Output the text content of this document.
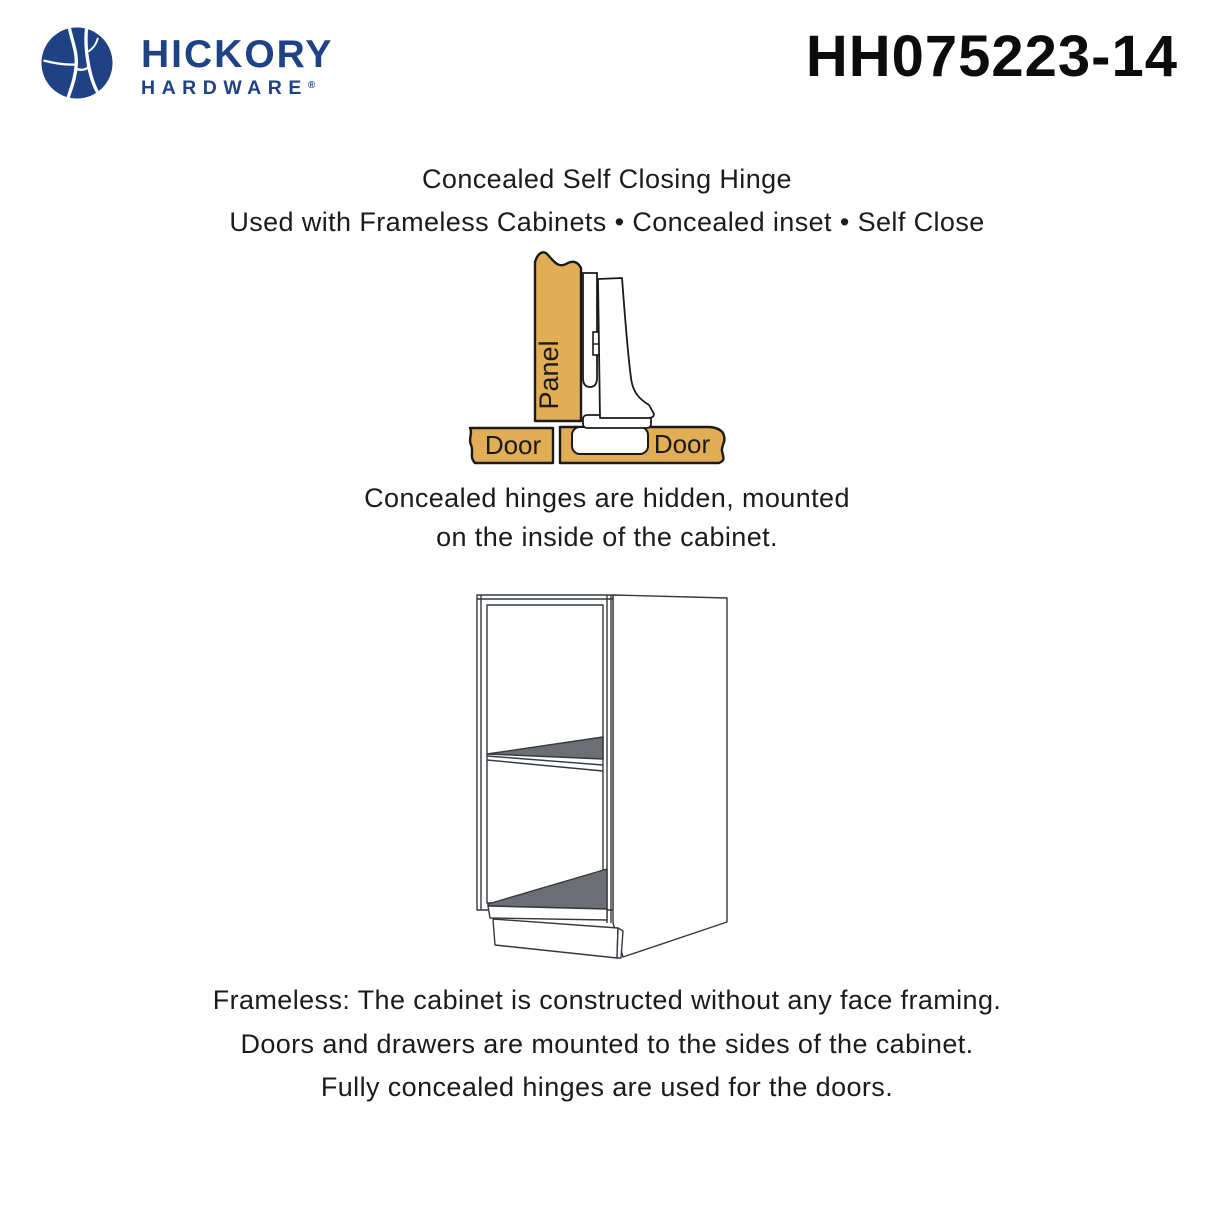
HICKORY
HARDWARE®	HH075223-14
Concealed Self Closing Hinge
Used with Frameless Cabinets • Concealed inset • Self Close
Panel
Door	Door
Concealed hinges are hidden, mounted
on the inside of the cabinet.
Frameless: The cabinet is constructed without any face framing.
Doors and drawers are mounted to the sides of the cabinet.
Fully concealed hinges are used for the doors.
